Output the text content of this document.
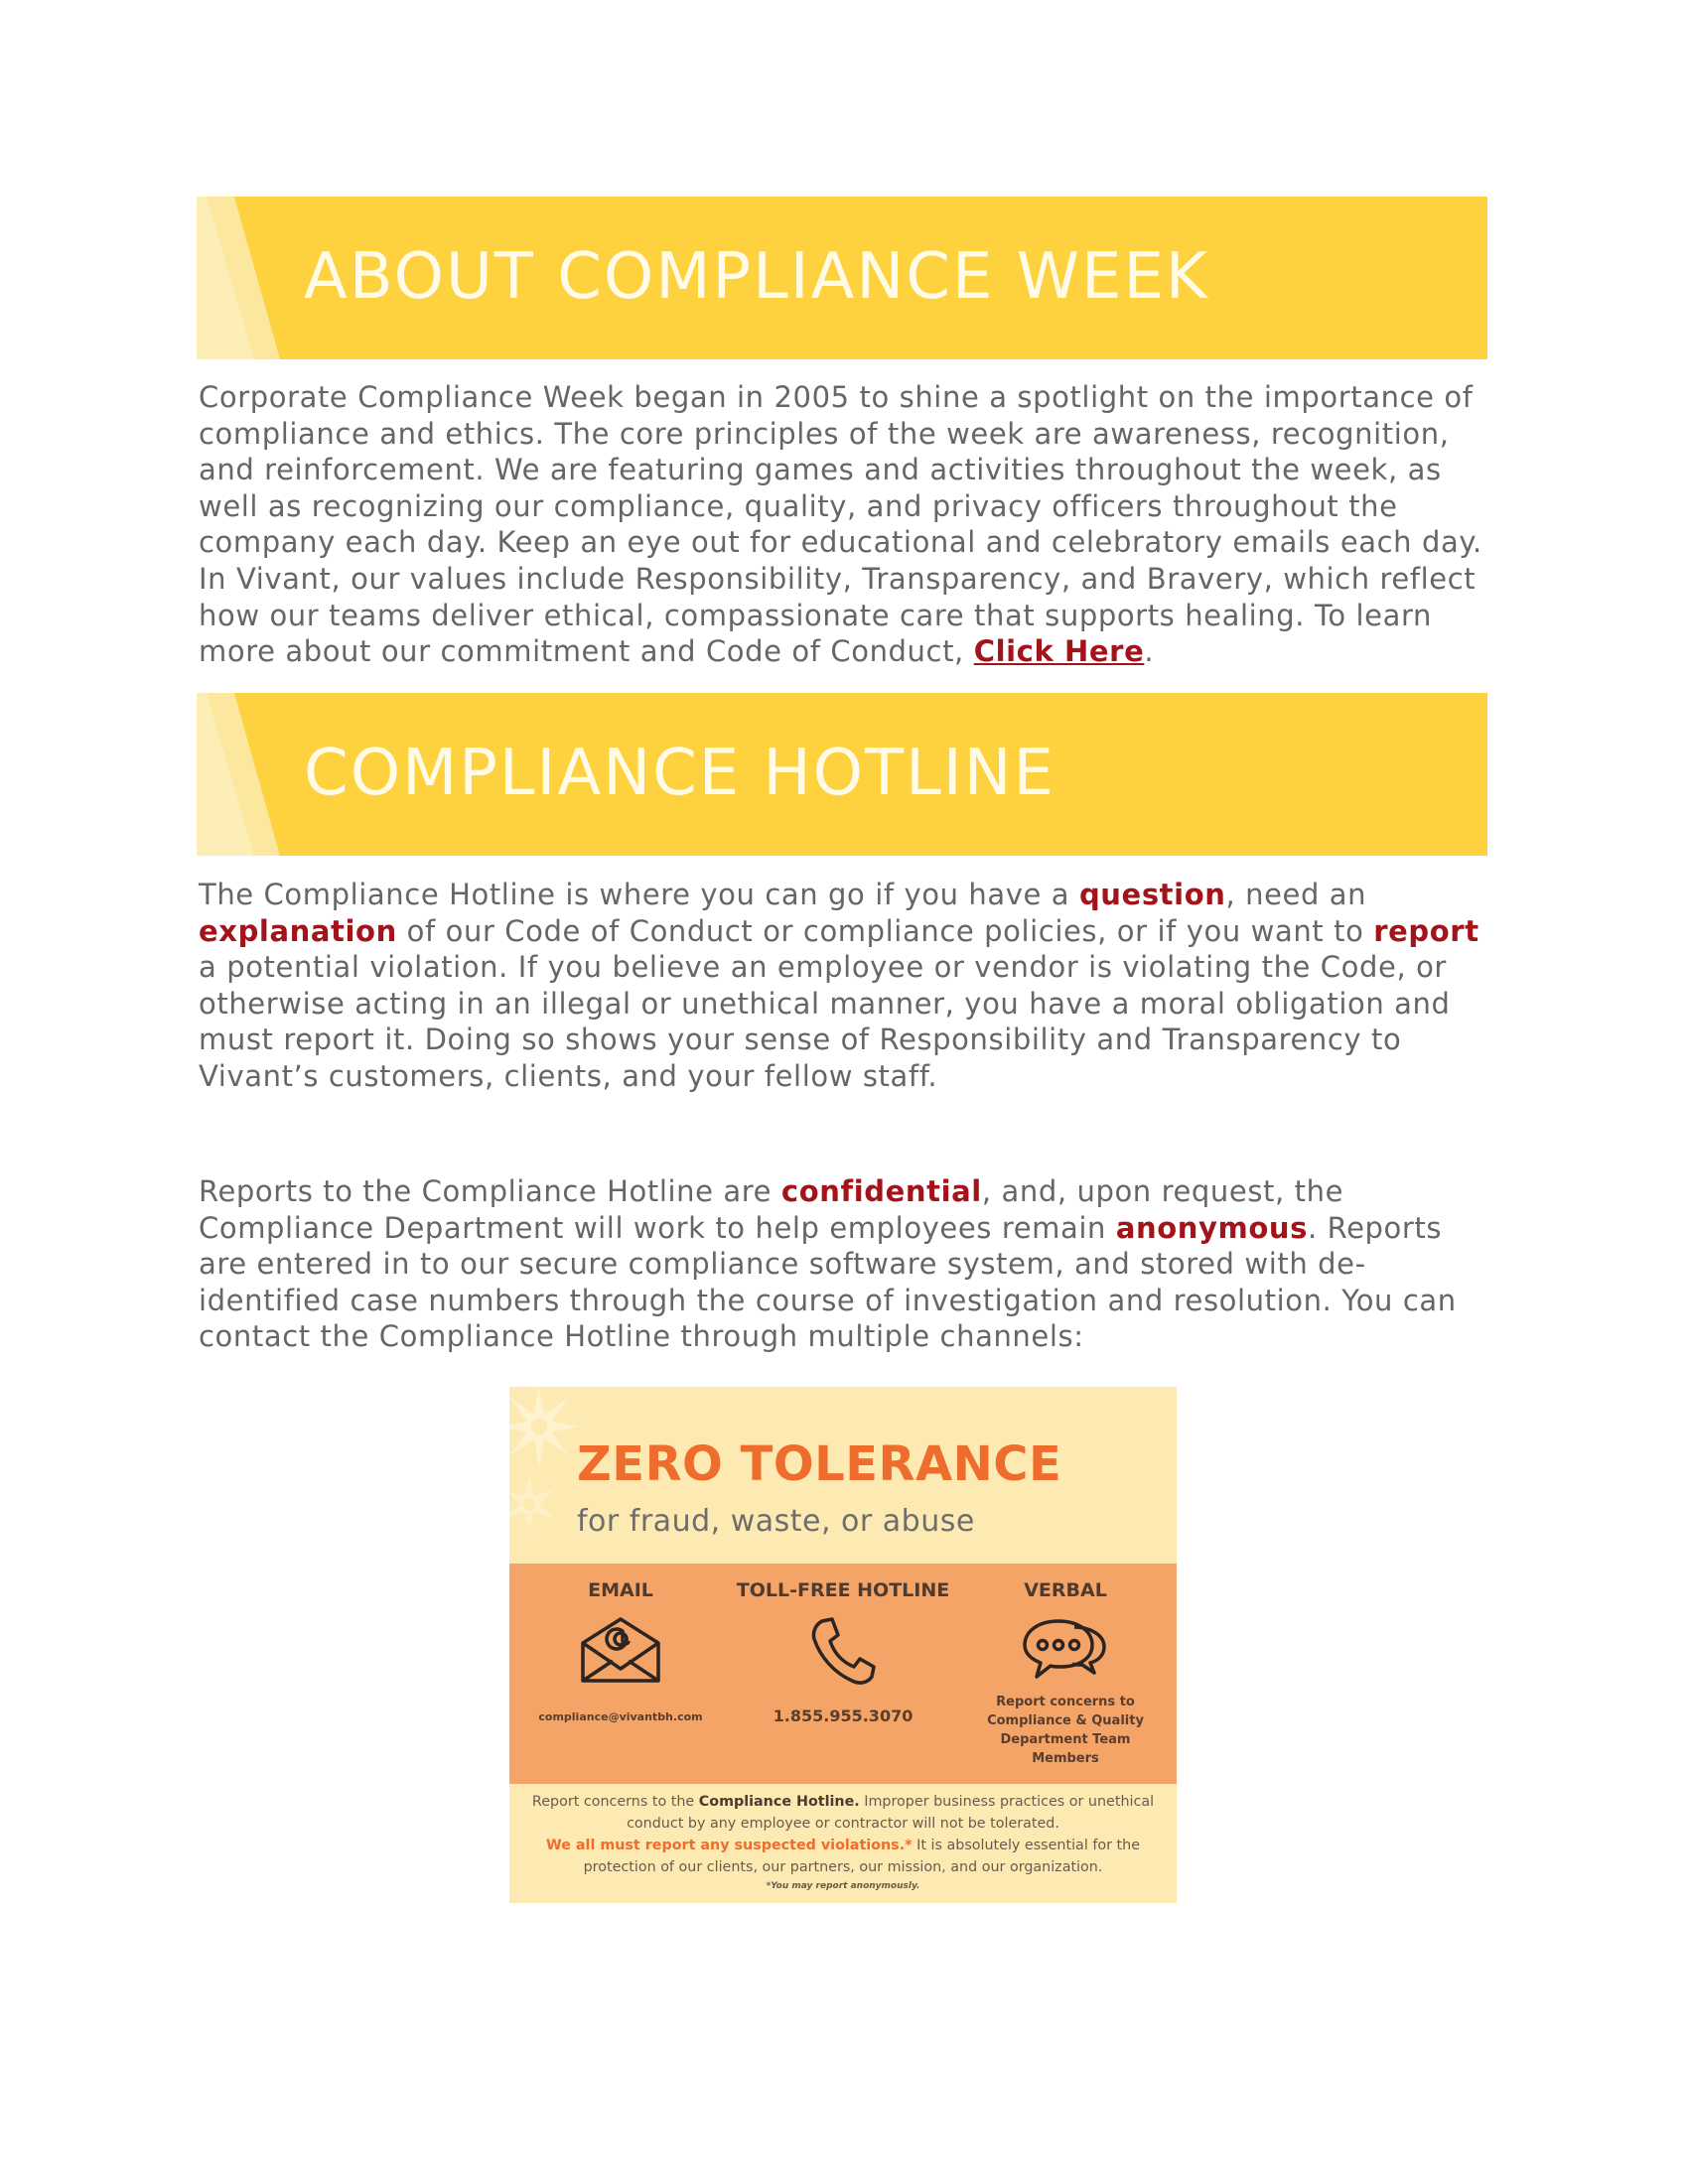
ABOUT COMPLIANCE WEEK

Corporate Compliance Week began in 2005 to shine a spotlight on the importance of compliance and ethics. The core principles of the week are awareness, recognition, and reinforcement. We are featuring games and activities throughout the week, as well as recognizing our compliance, quality, and privacy officers throughout the company each day. Keep an eye out for educational and celebratory emails each day. In Vivant, our values include Responsibility, Transparency, and Bravery, which reflect how our teams deliver ethical, compassionate care that supports healing. To learn more about our commitment and Code of Conduct, Click Here.

COMPLIANCE HOTLINE

The Compliance Hotline is where you can go if you have a question, need an explanation of our Code of Conduct or compliance policies, or if you want to report a potential violation. If you believe an employee or vendor is violating the Code, or otherwise acting in an illegal or unethical manner, you have a moral obligation and must report it. Doing so shows your sense of Responsibility and Transparency to Vivant’s customers, clients, and your fellow staff.

Reports to the Compliance Hotline are confidential, and, upon request, the Compliance Department will work to help employees remain anonymous. Reports are entered in to our secure compliance software system, and stored with de-identified case numbers through the course of investigation and resolution. You can contact the Compliance Hotline through multiple channels:

ZERO TOLERANCE
for fraud, waste, or abuse
EMAIL
compliance@vivantbh.com
TOLL-FREE HOTLINE
1.855.955.3070
VERBAL
Report concerns to
Compliance & Quality
Department Team
Members
Report concerns to the Compliance Hotline. Improper business practices or unethical conduct by any employee or contractor will not be tolerated.
We all must report any suspected violations.* It is absolutely essential for the protection of our clients, our partners, our mission, and our organization.
*You may report anonymously.
